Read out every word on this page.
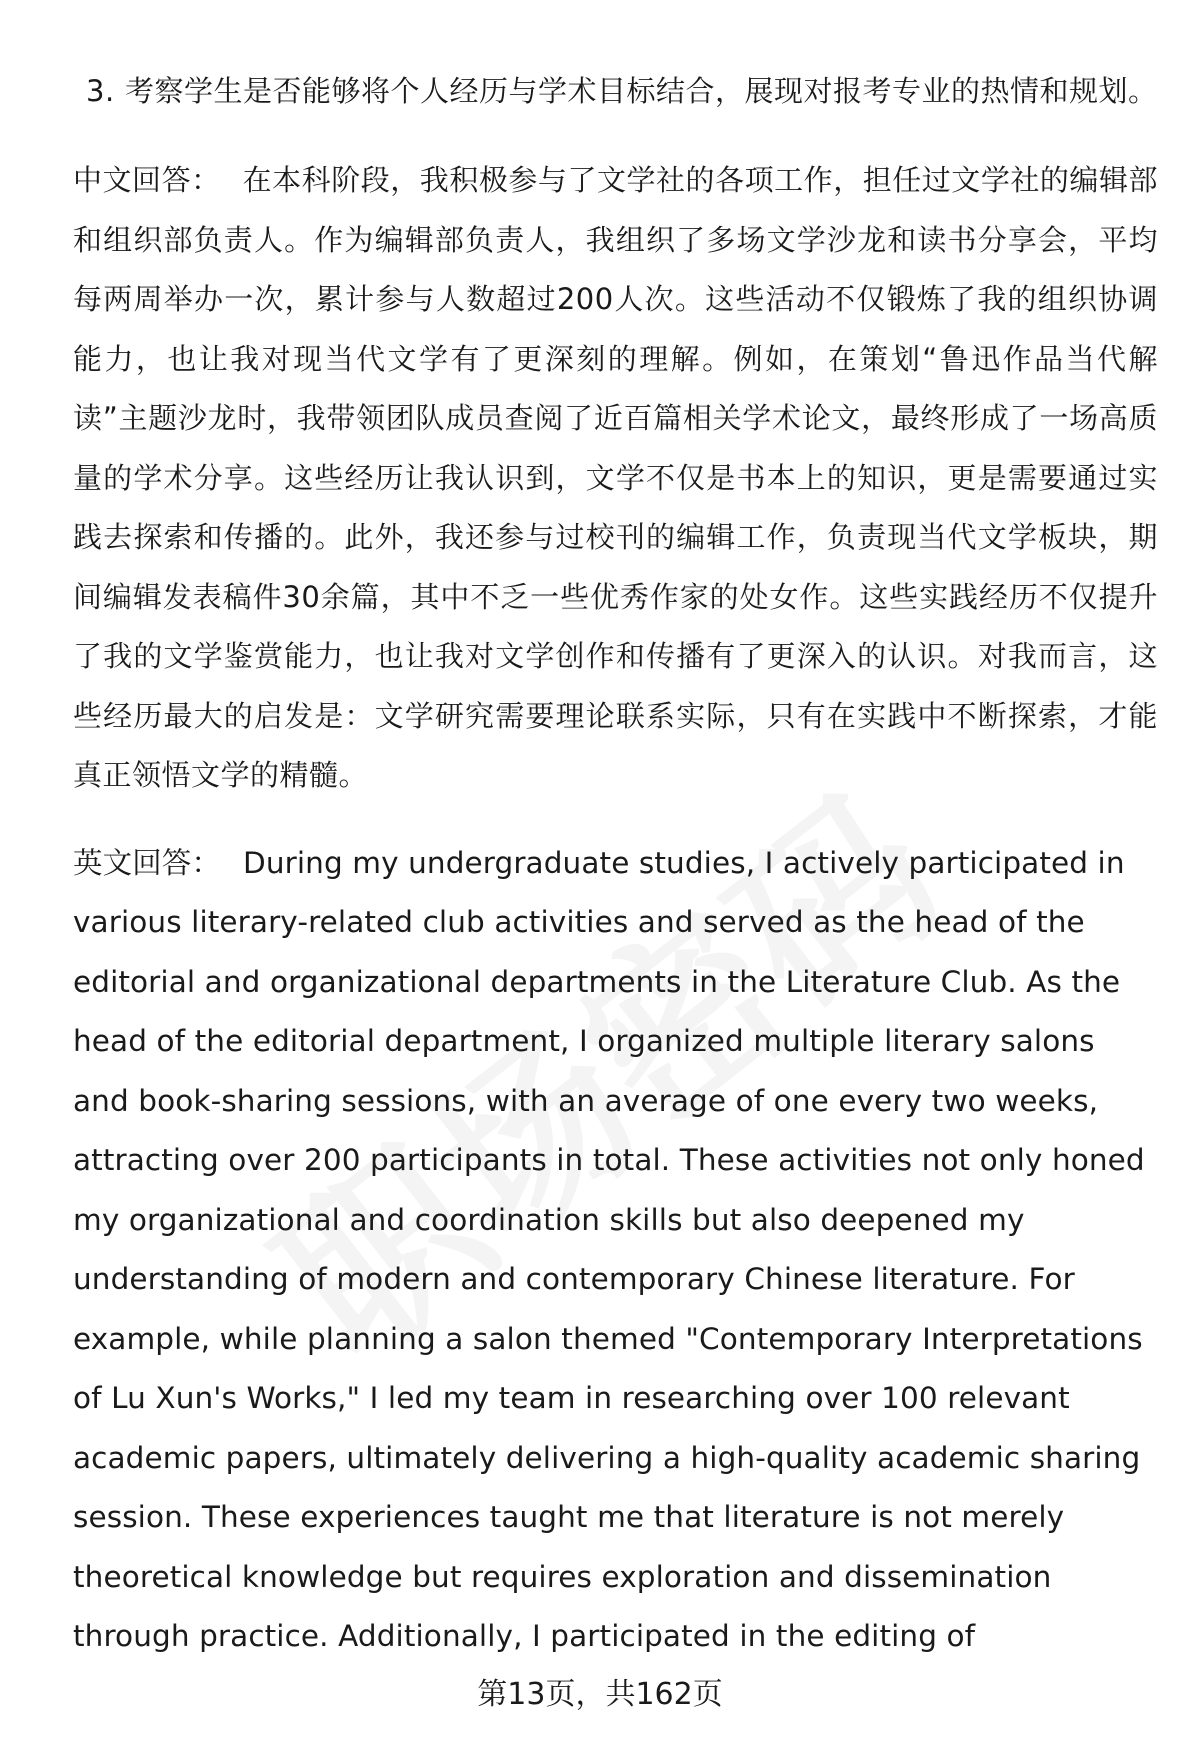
3. 考察学生是否能够将个人经历与学术目标结合，展现对报考专业的热情和规划。

中文回答： 在本科阶段，我积极参与了文学社的各项工作，担任过文学社的编辑部和组织部负责人。作为编辑部负责人，我组织了多场文学沙龙和读书分享会，平均每两周举办一次，累计参与人数超过200人次。这些活动不仅锻炼了我的组织协调能力，也让我对现当代文学有了更深刻的理解。例如，在策划“鲁迅作品当代解读”主题沙龙时，我带领团队成员查阅了近百篇相关学术论文，最终形成了一场高质量的学术分享。这些经历让我认识到，文学不仅是书本上的知识，更是需要通过实践去探索和传播的。此外，我还参与过校刊的编辑工作，负责现当代文学板块，期间编辑发表稿件30余篇，其中不乏一些优秀作家的处女作。这些实践经历不仅提升了我的文学鉴赏能力，也让我对文学创作和传播有了更深入的认识。对我而言，这些经历最大的启发是：文学研究需要理论联系实际，只有在实践中不断探索，才能真正领悟文学的精髓。

英文回答： During my undergraduate studies, I actively participated in various literary-related club activities and served as the head of the editorial and organizational departments in the Literature Club. As the head of the editorial department, I organized multiple literary salons and book-sharing sessions, with an average of one every two weeks, attracting over 200 participants in total. These activities not only honed my organizational and coordination skills but also deepened my understanding of modern and contemporary Chinese literature. For example, while planning a salon themed "Contemporary Interpretations of Lu Xun's Works," I led my team in researching over 100 relevant academic papers, ultimately delivering a high-quality academic sharing session. These experiences taught me that literature is not merely theoretical knowledge but requires exploration and dissemination through practice. Additionally, I participated in the editing of

第13页，共162页
